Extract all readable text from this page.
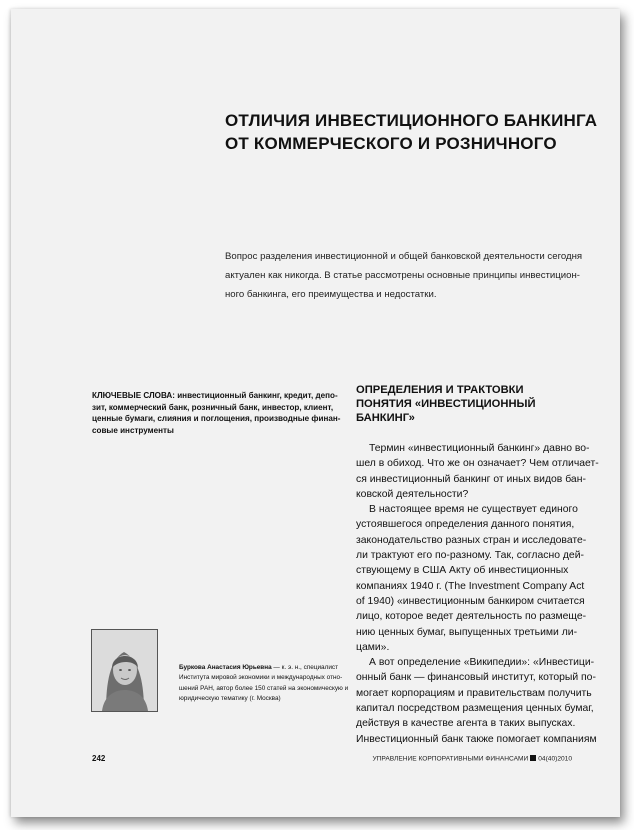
ОТЛИЧИЯ ИНВЕСТИЦИОННОГО БАНКИНГА
ОТ КОММЕРЧЕСКОГО И РОЗНИЧНОГО
Вопрос разделения инвестиционной и общей банковской деятельности сегодня
актуален как никогда. В статье рассмотрены основные принципы инвестицион-
ного банкинга, его преимущества и недостатки.
КЛЮЧЕВЫЕ СЛОВА: инвестиционный банкинг, кредит, депо-
зит, коммерческий банк, розничный банк, инвестор, клиент,
ценные бумаги, слияния и поглощения, производные финан-
совые инструменты
ОПРЕДЕЛЕНИЯ И ТРАКТОВКИ
ПОНЯТИЯ «ИНВЕСТИЦИОННЫЙ
БАНКИНГ»
Термин «инвестиционный банкинг» давно во-
шел в обиход. Что же он означает? Чем отличает-
ся инвестиционный банкинг от иных видов бан-
ковской деятельности?
В настоящее время не существует единого
устоявшегося определения данного понятия,
законодательство разных стран и исследовате-
ли трактуют его по-разному. Так, согласно дей-
ствующему в США Акту об инвестиционных
компаниях 1940 г. (The Investment Company Act
of 1940) «инвестиционным банкиром считается
лицо, которое ведет деятельность по размеще-
нию ценных бумаг, выпущенных третьими ли-
цами».
А вот определение «Википедии»: «Инвестици-
онный банк — финансовый институт, который по-
могает корпорациям и правительствам получить
капитал посредством размещения ценных бумаг,
действуя в качестве агента в таких выпусках.
Инвестиционный банк также помогает компаниям
Буркова Анастасия Юрьевна — к. э. н., специалист
Института мировой экономики и международных отно-
шений РАН, автор более 150 статей на экономическую и
юридическую тематику (г. Москва)
242	УПРАВЛЕНИЕ КОРПОРАТИВНЫМИ ФИНАНСАМИ 04(40)2010
